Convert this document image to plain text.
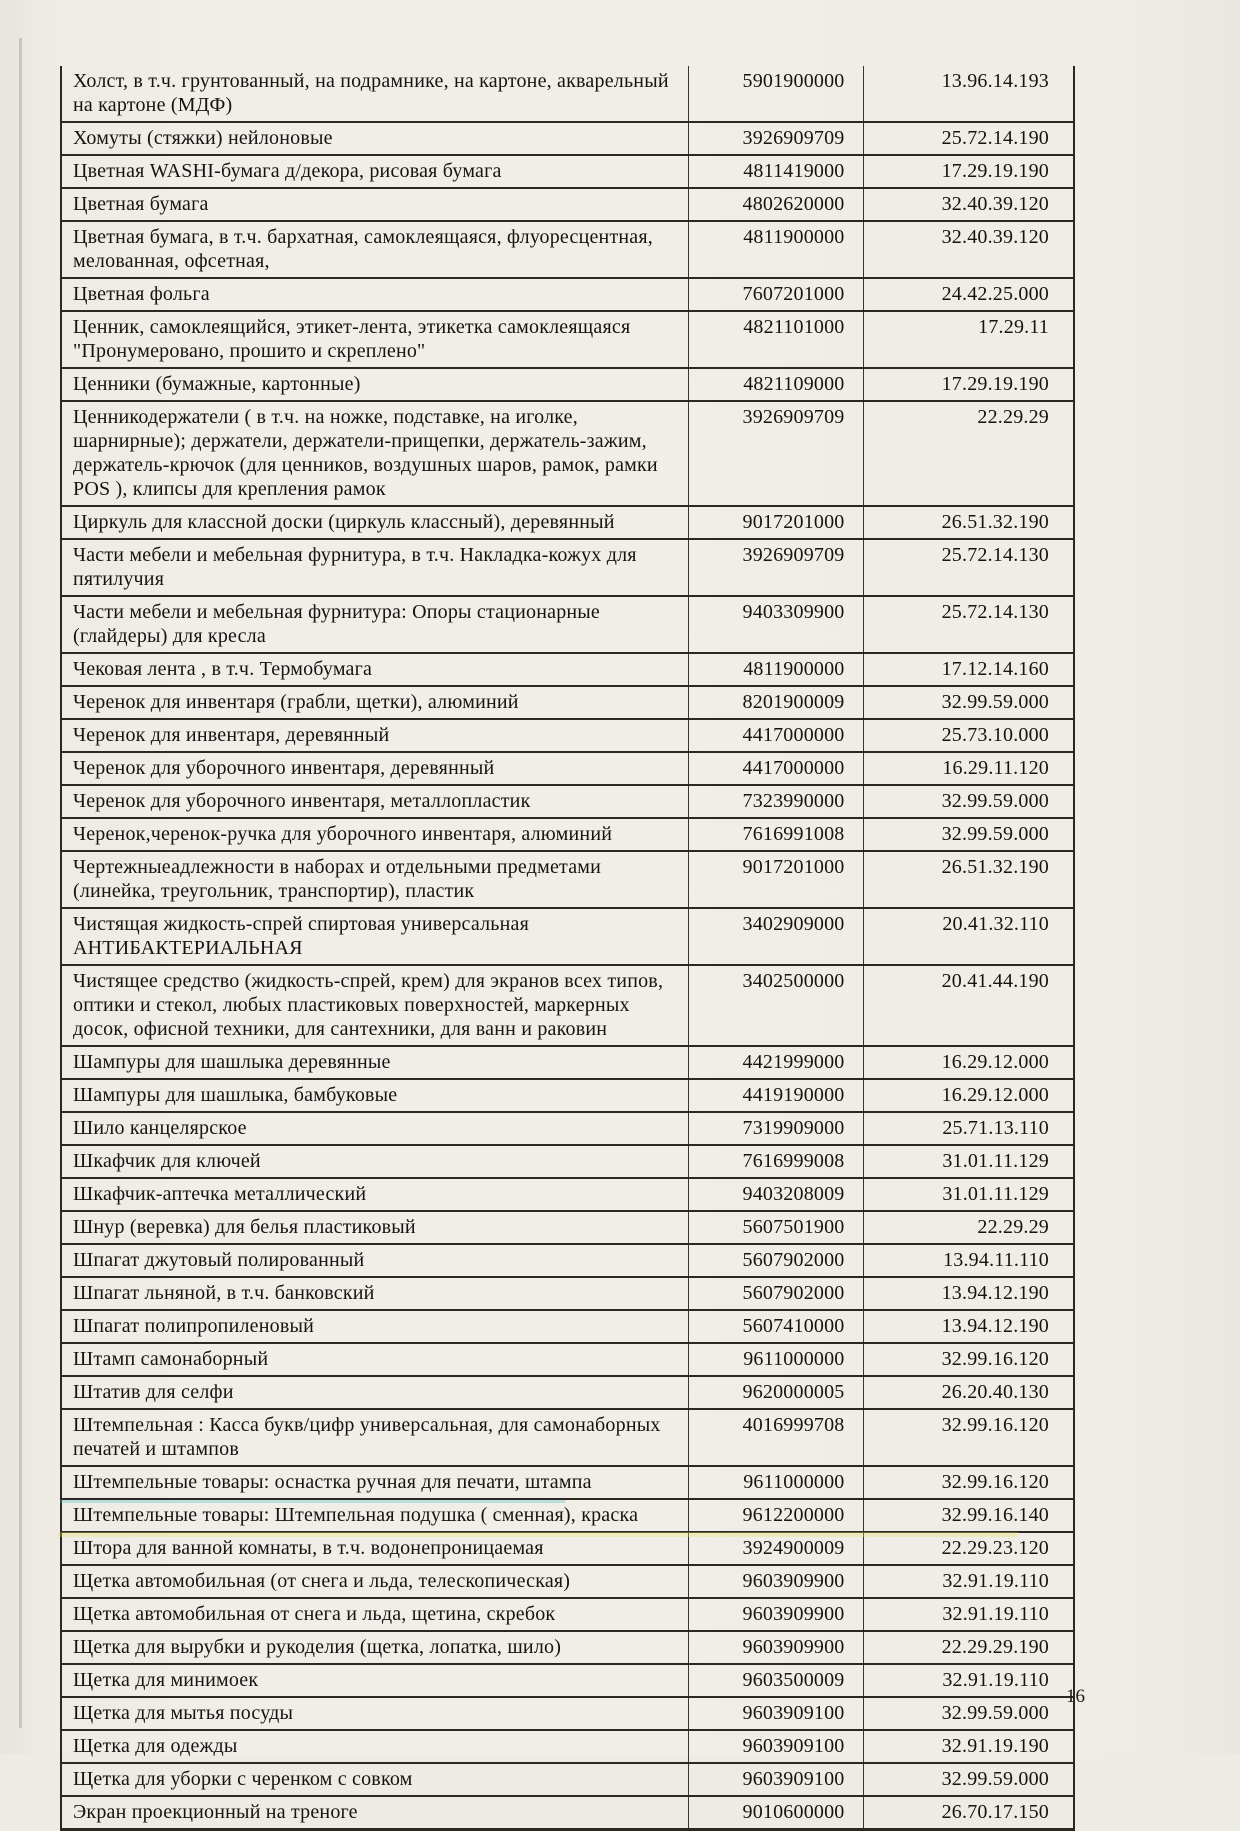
Холст, в т.ч. грунтованный, на подрамнике, на картоне, акварельный на картоне (МДФ)	5901900000	13.96.14.193
Хомуты (стяжки) нейлоновые	3926909709	25.72.14.190
Цветная WASHI-бумага д/декора, рисовая бумага	4811419000	17.29.19.190
Цветная бумага	4802620000	32.40.39.120
Цветная бумага, в т.ч. бархатная, самоклеящаяся, флуоресцентная, мелованная, офсетная,	4811900000	32.40.39.120
Цветная фольга	7607201000	24.42.25.000
Ценник, самоклеящийся, этикет-лента, этикетка самоклеящаяся "Пронумеровано, прошито и скреплено"	4821101000	17.29.11
Ценники (бумажные, картонные)	4821109000	17.29.19.190
Ценникодержатели ( в т.ч. на ножке, подставке, на иголке, шарнирные); держатели, держатели-прищепки, держатель-зажим, держатель-крючок (для ценников, воздушных шаров, рамок, рамки POS ), клипсы для крепления рамок	3926909709	22.29.29
Циркуль для классной доски (циркуль классный), деревянный	9017201000	26.51.32.190
Части мебели и мебельная фурнитура, в т.ч. Накладка-кожух для пятилучия	3926909709	25.72.14.130
Части мебели и мебельная фурнитура: Опоры стационарные (глайдеры) для кресла	9403309900	25.72.14.130
Чековая лента , в т.ч. Термобумага	4811900000	17.12.14.160
Черенок для инвентаря (грабли, щетки), алюминий	8201900009	32.99.59.000
Черенок для инвентаря, деревянный	4417000000	25.73.10.000
Черенок для уборочного инвентаря, деревянный	4417000000	16.29.11.120
Черенок для уборочного инвентаря, металлопластик	7323990000	32.99.59.000
Черенок,черенок-ручка для уборочного инвентаря, алюминий	7616991008	32.99.59.000
Чертежныеадлежности в наборах и отдельными предметами (линейка, треугольник, транспортир), пластик	9017201000	26.51.32.190
Чистящая жидкость-спрей спиртовая универсальная АНТИБАКТЕРИАЛЬНАЯ	3402909000	20.41.32.110
Чистящее средство (жидкость-спрей, крем) для экранов всех типов, оптики и стекол, любых пластиковых поверхностей, маркерных досок, офисной техники, для сантехники, для ванн и раковин	3402500000	20.41.44.190
Шампуры для шашлыка деревянные	4421999000	16.29.12.000
Шампуры для шашлыка, бамбуковые	4419190000	16.29.12.000
Шило канцелярское	7319909000	25.71.13.110
Шкафчик для ключей	7616999008	31.01.11.129
Шкафчик-аптечка металлический	9403208009	31.01.11.129
Шнур (веревка) для белья пластиковый	5607501900	22.29.29
Шпагат джутовый полированный	5607902000	13.94.11.110
Шпагат льняной, в т.ч. банковский	5607902000	13.94.12.190
Шпагат полипропиленовый	5607410000	13.94.12.190
Штамп самонаборный	9611000000	32.99.16.120
Штатив для селфи	9620000005	26.20.40.130
Штемпельная : Касса букв/цифр универсальная, для самонаборных печатей и штампов	4016999708	32.99.16.120
Штемпельные товары: оснастка ручная для печати, штампа	9611000000	32.99.16.120
Штемпельные товары: Штемпельная подушка ( сменная), краска	9612200000	32.99.16.140
Штора для ванной комнаты, в т.ч. водонепроницаемая	3924900009	22.29.23.120
Щетка автомобильная (от снега и льда, телескопическая)	9603909900	32.91.19.110
Щетка автомобильная от снега и льда, щетина, скребок	9603909900	32.91.19.110
Щетка для вырубки и рукоделия (щетка, лопатка, шило)	9603909900	22.29.29.190
Щетка для минимоек	9603500009	32.91.19.110
Щетка для мытья посуды	9603909100	32.99.59.000
Щетка для одежды	9603909100	32.91.19.190
Щетка для уборки с черенком с совком	9603909100	32.99.59.000
Экран проекционный на треноге	9010600000	26.70.17.150
16
